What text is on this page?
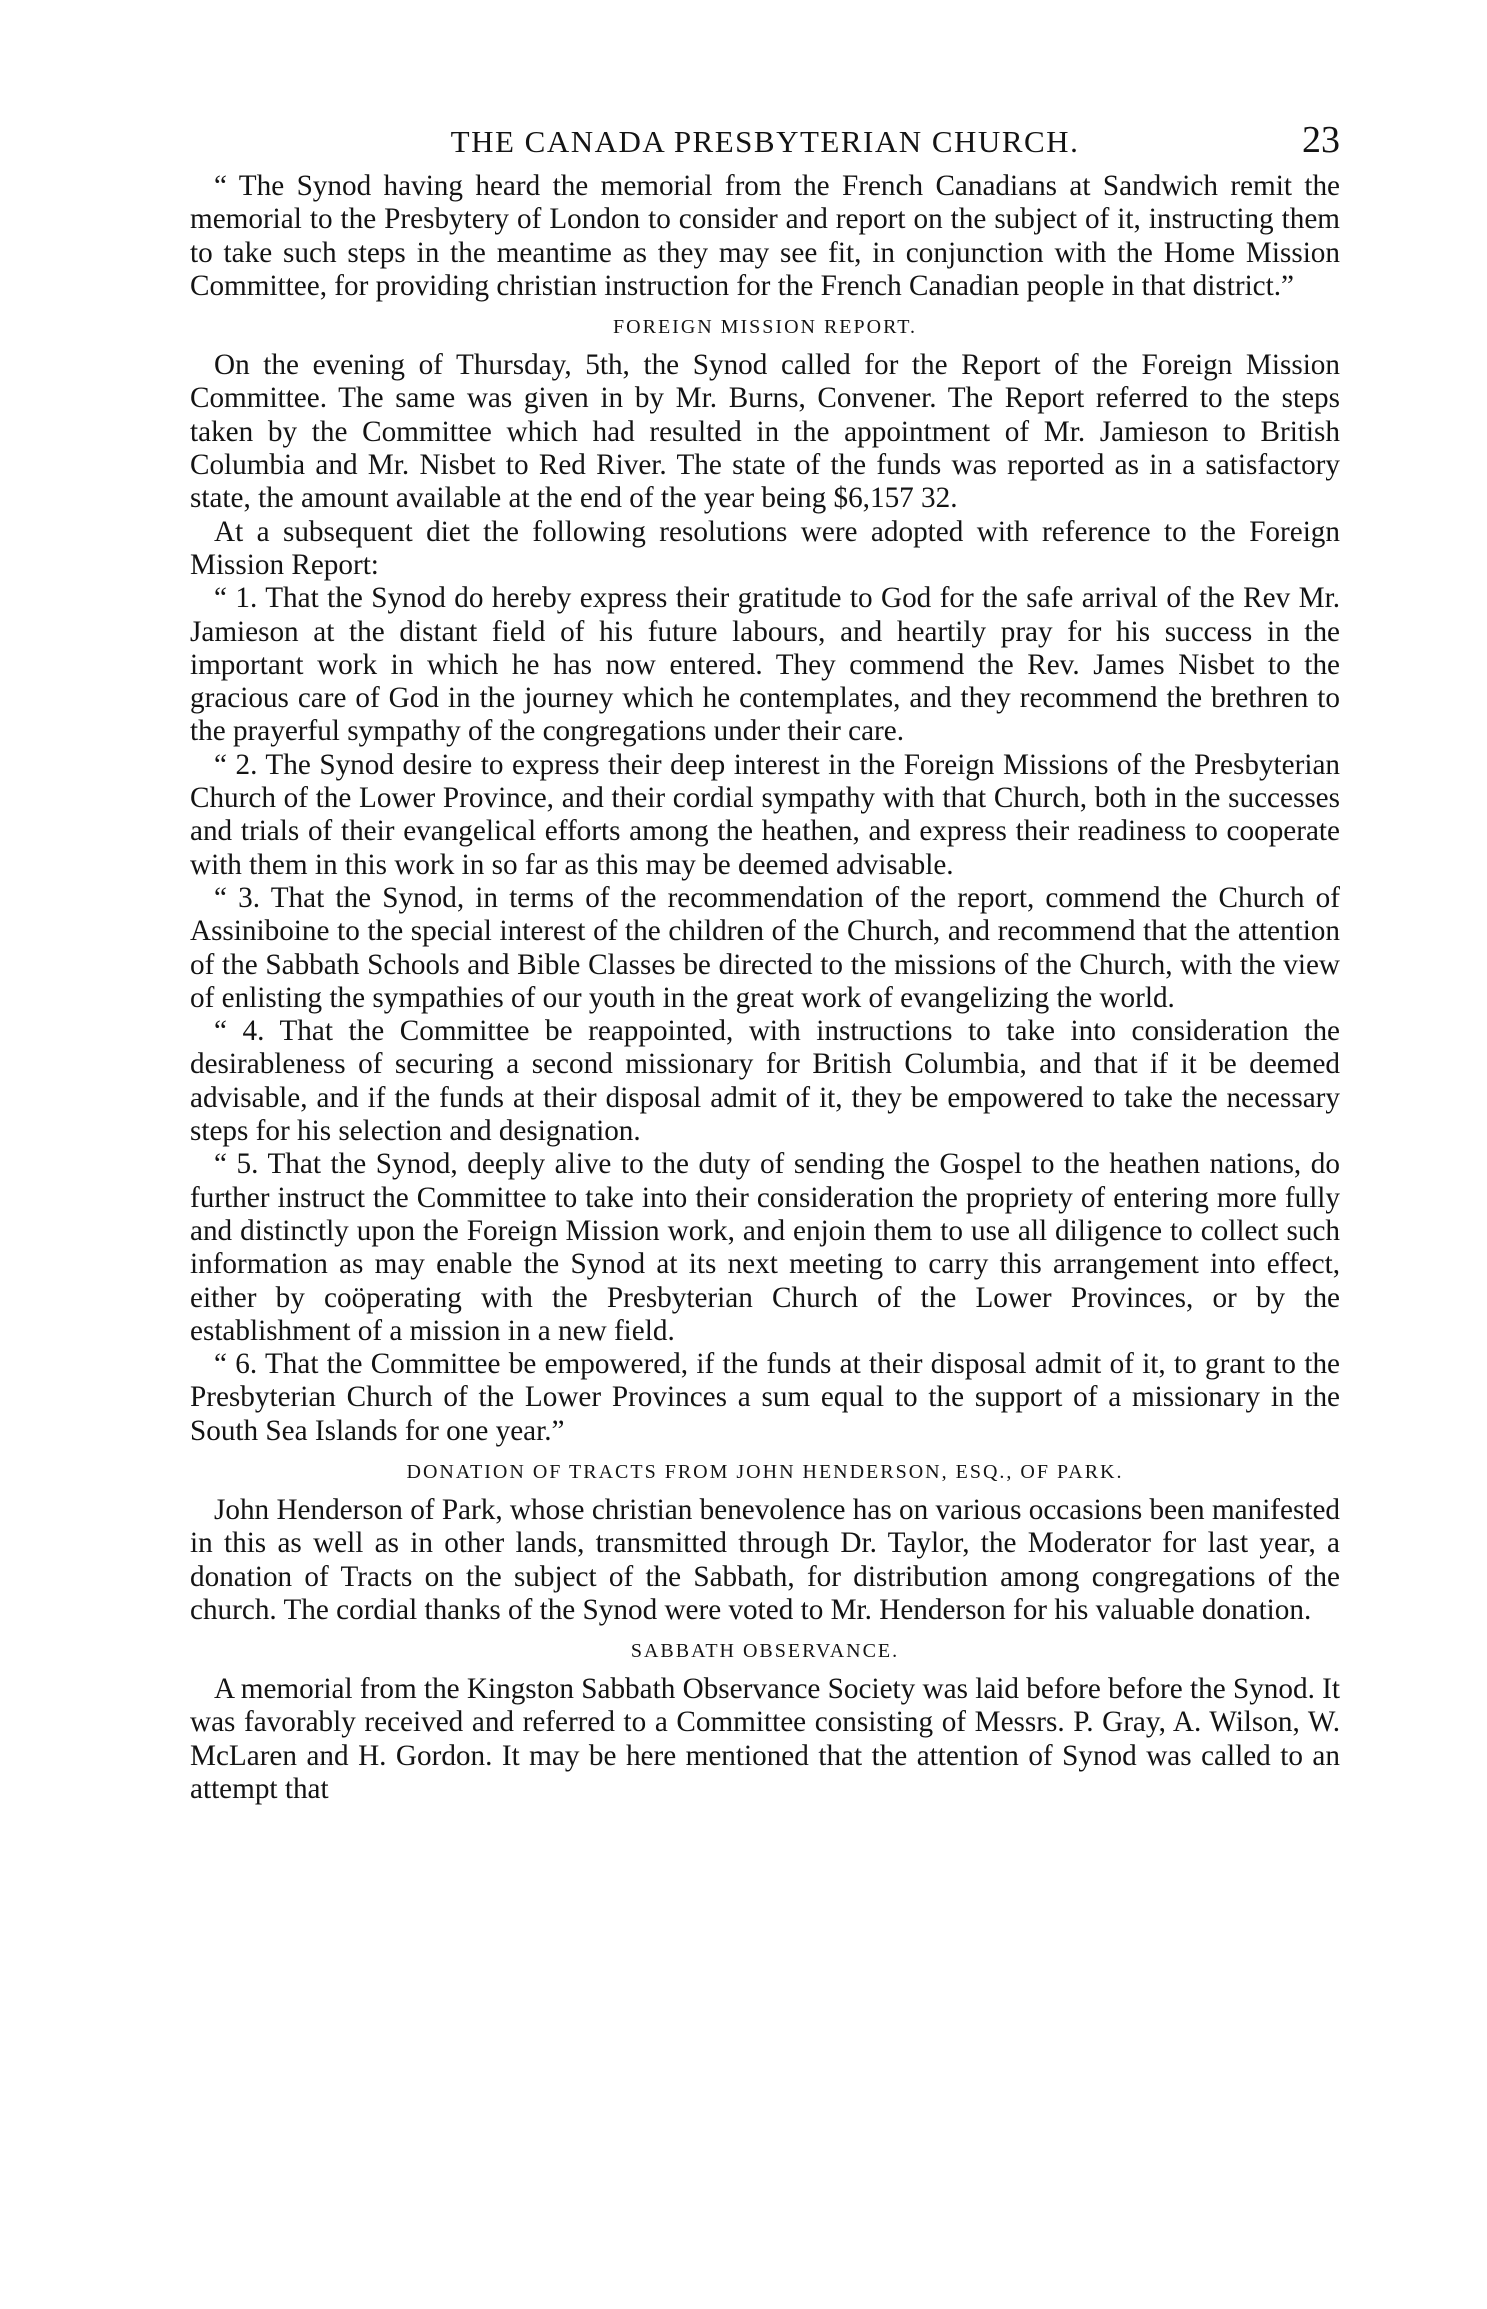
THE CANADA PRESBYTERIAN CHURCH.	23

“ The Synod having heard the memorial from the French Canadians at Sandwich remit the memorial to the Presbytery of London to consider and report on the subject of it, instructing them to take such steps in the meantime as they may see fit, in conjunction with the Home Mission Committee, for providing christian instruction for the French Canadian people in that district.”

FOREIGN MISSION REPORT.

On the evening of Thursday, 5th, the Synod called for the Report of the Foreign Mission Committee. The same was given in by Mr. Burns, Convener. The Report referred to the steps taken by the Committee which had resulted in the appointment of Mr. Jamieson to British Columbia and Mr. Nisbet to Red River. The state of the funds was reported as in a satisfactory state, the amount available at the end of the year being $6,157 32.

At a subsequent diet the following resolutions were adopted with reference to the Foreign Mission Report:

“ 1. That the Synod do hereby express their gratitude to God for the safe arrival of the Rev Mr. Jamieson at the distant field of his future labours, and heartily pray for his success in the important work in which he has now entered. They commend the Rev. James Nisbet to the gracious care of God in the journey which he contemplates, and they recommend the brethren to the prayerful sympathy of the congregations under their care.

“ 2. The Synod desire to express their deep interest in the Foreign Missions of the Presbyterian Church of the Lower Province, and their cordial sympathy with that Church, both in the successes and trials of their evangelical efforts among the heathen, and express their readiness to cooperate with them in this work in so far as this may be deemed advisable.

“ 3. That the Synod, in terms of the recommendation of the report, commend the Church of Assiniboine to the special interest of the children of the Church, and recommend that the attention of the Sabbath Schools and Bible Classes be directed to the missions of the Church, with the view of enlisting the sympathies of our youth in the great work of evangelizing the world.

“ 4. That the Committee be reappointed, with instructions to take into consideration the desirableness of securing a second missionary for British Columbia, and that if it be deemed advisable, and if the funds at their disposal admit of it, they be empowered to take the necessary steps for his selection and designation.

“ 5. That the Synod, deeply alive to the duty of sending the Gospel to the heathen nations, do further instruct the Committee to take into their consideration the propriety of entering more fully and distinctly upon the Foreign Mission work, and enjoin them to use all diligence to collect such information as may enable the Synod at its next meeting to carry this arrangement into effect, either by coöperating with the Presbyterian Church of the Lower Provinces, or by the establishment of a mission in a new field.

“ 6. That the Committee be empowered, if the funds at their disposal admit of it, to grant to the Presbyterian Church of the Lower Provinces a sum equal to the support of a missionary in the South Sea Islands for one year.”

DONATION OF TRACTS FROM JOHN HENDERSON, ESQ., OF PARK.

John Henderson of Park, whose christian benevolence has on various occasions been manifested in this as well as in other lands, transmitted through Dr. Taylor, the Moderator for last year, a donation of Tracts on the subject of the Sabbath, for distribution among congregations of the church. The cordial thanks of the Synod were voted to Mr. Henderson for his valuable donation.

SABBATH OBSERVANCE.

A memorial from the Kingston Sabbath Observance Society was laid before before the Synod. It was favorably received and referred to a Committee consisting of Messrs. P. Gray, A. Wilson, W. McLaren and H. Gordon. It may be here mentioned that the attention of Synod was called to an attempt that
